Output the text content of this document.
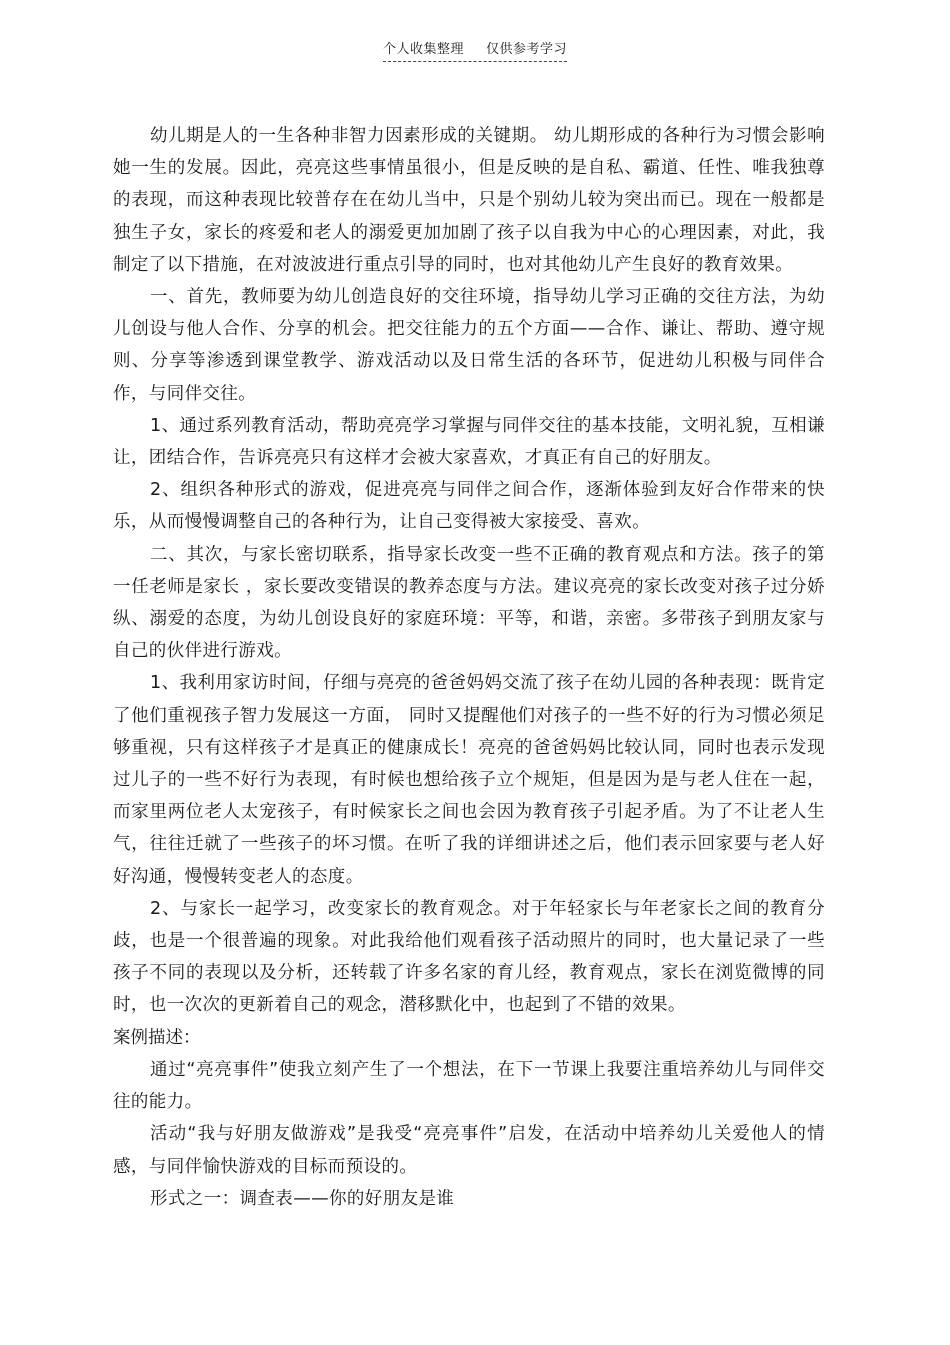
个人收集整理 仅供参考学习

幼儿期是人的一生各种非智力因素形成的关键期。 幼儿期形成的各种行为习惯会影响她一生的发展。因此，亮亮这些事情虽很小，但是反映的是自私、霸道、任性、唯我独尊的表现，而这种表现比较普存在在幼儿当中，只是个别幼儿较为突出而已。现在一般都是独生子女，家长的疼爱和老人的溺爱更加加剧了孩子以自我为中心的心理因素，对此，我制定了以下措施，在对波波进行重点引导的同时，也对其他幼儿产生良好的教育效果。

一、首先，教师要为幼儿创造良好的交往环境，指导幼儿学习正确的交往方法，为幼儿创设与他人合作、分享的机会。把交往能力的五个方面——合作、谦让、帮助、遵守规则、分享等渗透到课堂教学、游戏活动以及日常生活的各环节，促进幼儿积极与同伴合作，与同伴交往。

1、通过系列教育活动，帮助亮亮学习掌握与同伴交往的基本技能，文明礼貌，互相谦让，团结合作，告诉亮亮只有这样才会被大家喜欢，才真正有自己的好朋友。

2、组织各种形式的游戏，促进亮亮与同伴之间合作，逐渐体验到友好合作带来的快乐，从而慢慢调整自己的各种行为，让自己变得被大家接受、喜欢。

二、其次，与家长密切联系，指导家长改变一些不正确的教育观点和方法。孩子的第一任老师是家长 ，家长要改变错误的教养态度与方法。建议亮亮的家长改变对孩子过分娇纵、溺爱的态度，为幼儿创设良好的家庭环境：平等，和谐，亲密。多带孩子到朋友家与自己的伙伴进行游戏。

1、我利用家访时间，仔细与亮亮的爸爸妈妈交流了孩子在幼儿园的各种表现：既肯定了他们重视孩子智力发展这一方面， 同时又提醒他们对孩子的一些不好的行为习惯必须足够重视，只有这样孩子才是真正的健康成长！亮亮的爸爸妈妈比较认同，同时也表示发现过儿子的一些不好行为表现，有时候也想给孩子立个规矩，但是因为是与老人住在一起，而家里两位老人太宠孩子，有时候家长之间也会因为教育孩子引起矛盾。为了不让老人生气，往往迁就了一些孩子的坏习惯。在听了我的详细讲述之后，他们表示回家要与老人好好沟通，慢慢转变老人的态度。

2、与家长一起学习，改变家长的教育观念。对于年轻家长与年老家长之间的教育分歧，也是一个很普遍的现象。对此我给他们观看孩子活动照片的同时，也大量记录了一些孩子不同的表现以及分析，还转载了许多名家的育儿经，教育观点，家长在浏览微博的同时，也一次次的更新着自己的观念，潜移默化中，也起到了不错的效果。

案例描述：

通过“亮亮事件”使我立刻产生了一个想法，在下一节课上我要注重培养幼儿与同伴交往的能力。

活动“我与好朋友做游戏”是我受“亮亮事件”启发，在活动中培养幼儿关爱他人的情感，与同伴愉快游戏的目标而预设的。

形式之一：调查表——你的好朋友是谁
